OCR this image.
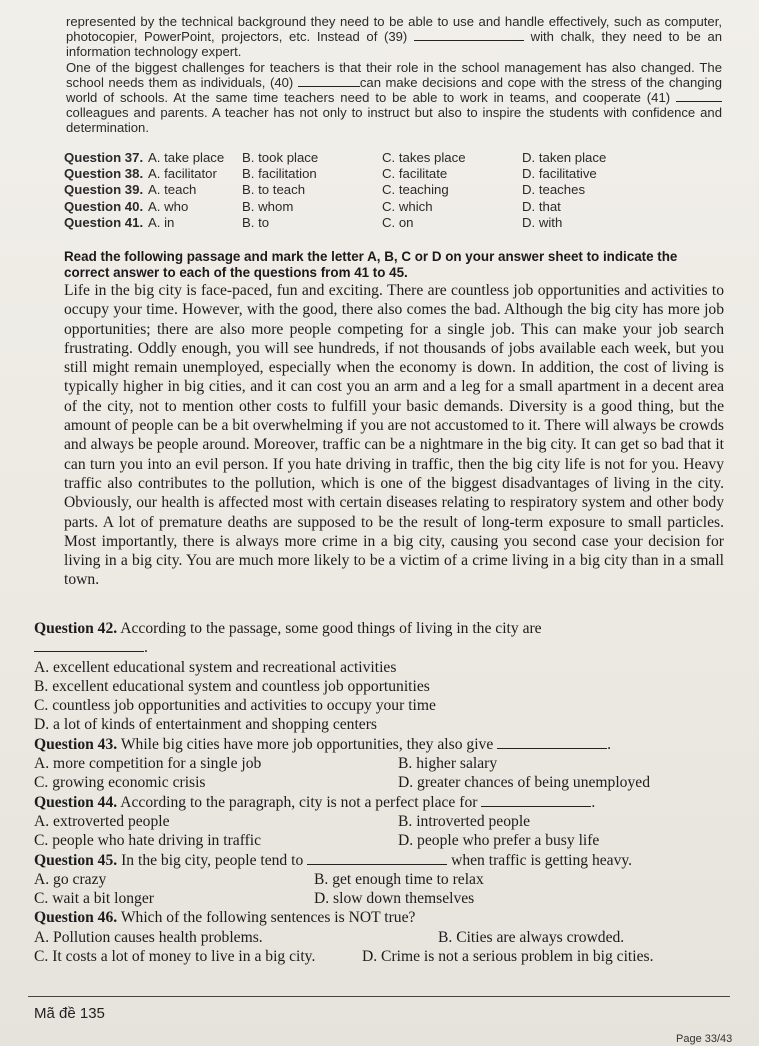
represented by the technical background they need to be able to use and handle effectively, such as computer, photocopier, PowerPoint, projectors, etc. Instead of (39)	with chalk, they need to be an information technology expert.

One of the biggest challenges for teachers is that their role in the school management has also changed. The school needs them as individuals, (40)	can make decisions and cope with the stress of the changing world of schools. At the same time teachers need to be able to work in teams, and cooperate (41)  colleagues and parents. A teacher has not only to instruct but also to inspire the students with confidence and determination.

Question 37. A. take place	B. took place	C. takes place	D. taken place
Question 38. A. facilitator	B. facilitation	C. facilitate	D. facilitative
Question 39. A. teach	B. to teach	C. teaching	D. teaches
Question 40. A. who	B. whom	C. which	D. that
Question 41. A. in	B. to	C. on	D. with
Read the following passage and mark the letter A, B, C or D on your answer sheet to indicate the correct answer to each of the questions from 41 to 45.

Life in the big city is face-paced, fun and exciting. There are countless job opportunities and activities to occupy your time. However, with the good, there also comes the bad. Although the big city has more job opportunities; there are also more people competing for a single job. This can make your job search frustrating. Oddly enough, you will see hundreds, if not thousands of jobs available each week, but you still might remain unemployed, especially when the economy is down. In addition, the cost of living is typically higher in big cities, and it can cost you an arm and a leg for a small apartment in a decent area of the city, not to mention other costs to fulfill your basic demands. Diversity is a good thing, but the amount of people can be a bit overwhelming if you are not accustomed to it. There will always be crowds and always be people around. Moreover, traffic can be a nightmare in the big city. It can get so bad that it can turn you into an evil person. If you hate driving in traffic, then the big city life is not for you. Heavy traffic also contributes to the pollution, which is one of the biggest disadvantages of living in the city. Obviously, our health is affected most with certain diseases relating to respiratory system and other body parts. A lot of premature deaths are supposed to be the result of long-term exposure to small particles. Most importantly, there is always more crime in a big city, causing you second case your decision for living in a big city. You are much more likely to be a victim of a crime living in a big city than in a small town.

Question 42. According to the passage, some good things of living in the city are
.

A. excellent educational system and recreational activities

B. excellent educational system and countless job opportunities

C. countless job opportunities and activities to occupy your time

D. a lot of kinds of entertainment and shopping centers

Question 43. While big cities have more job opportunities, they also give	.

A. more competition for a single job	B. higher salary
C. growing economic crisis	D. greater chances of being unemployed

Question 44. According to the paragraph, city is not a perfect place for	.

A. extroverted people	B. introverted people
C. people who hate driving in traffic	D. people who prefer a busy life

Question 45. In the big city, people tend to	when traffic is getting heavy.

A. go crazy	B. get enough time to relax
C. wait a bit longer	D. slow down themselves

Question 46. Which of the following sentences is NOT true?

A. Pollution causes health problems.	B. Cities are always crowded.
C. It costs a lot of money to live in a big city.	D. Crime is not a serious problem in big cities.
Mã đề 135
Page 33/43
